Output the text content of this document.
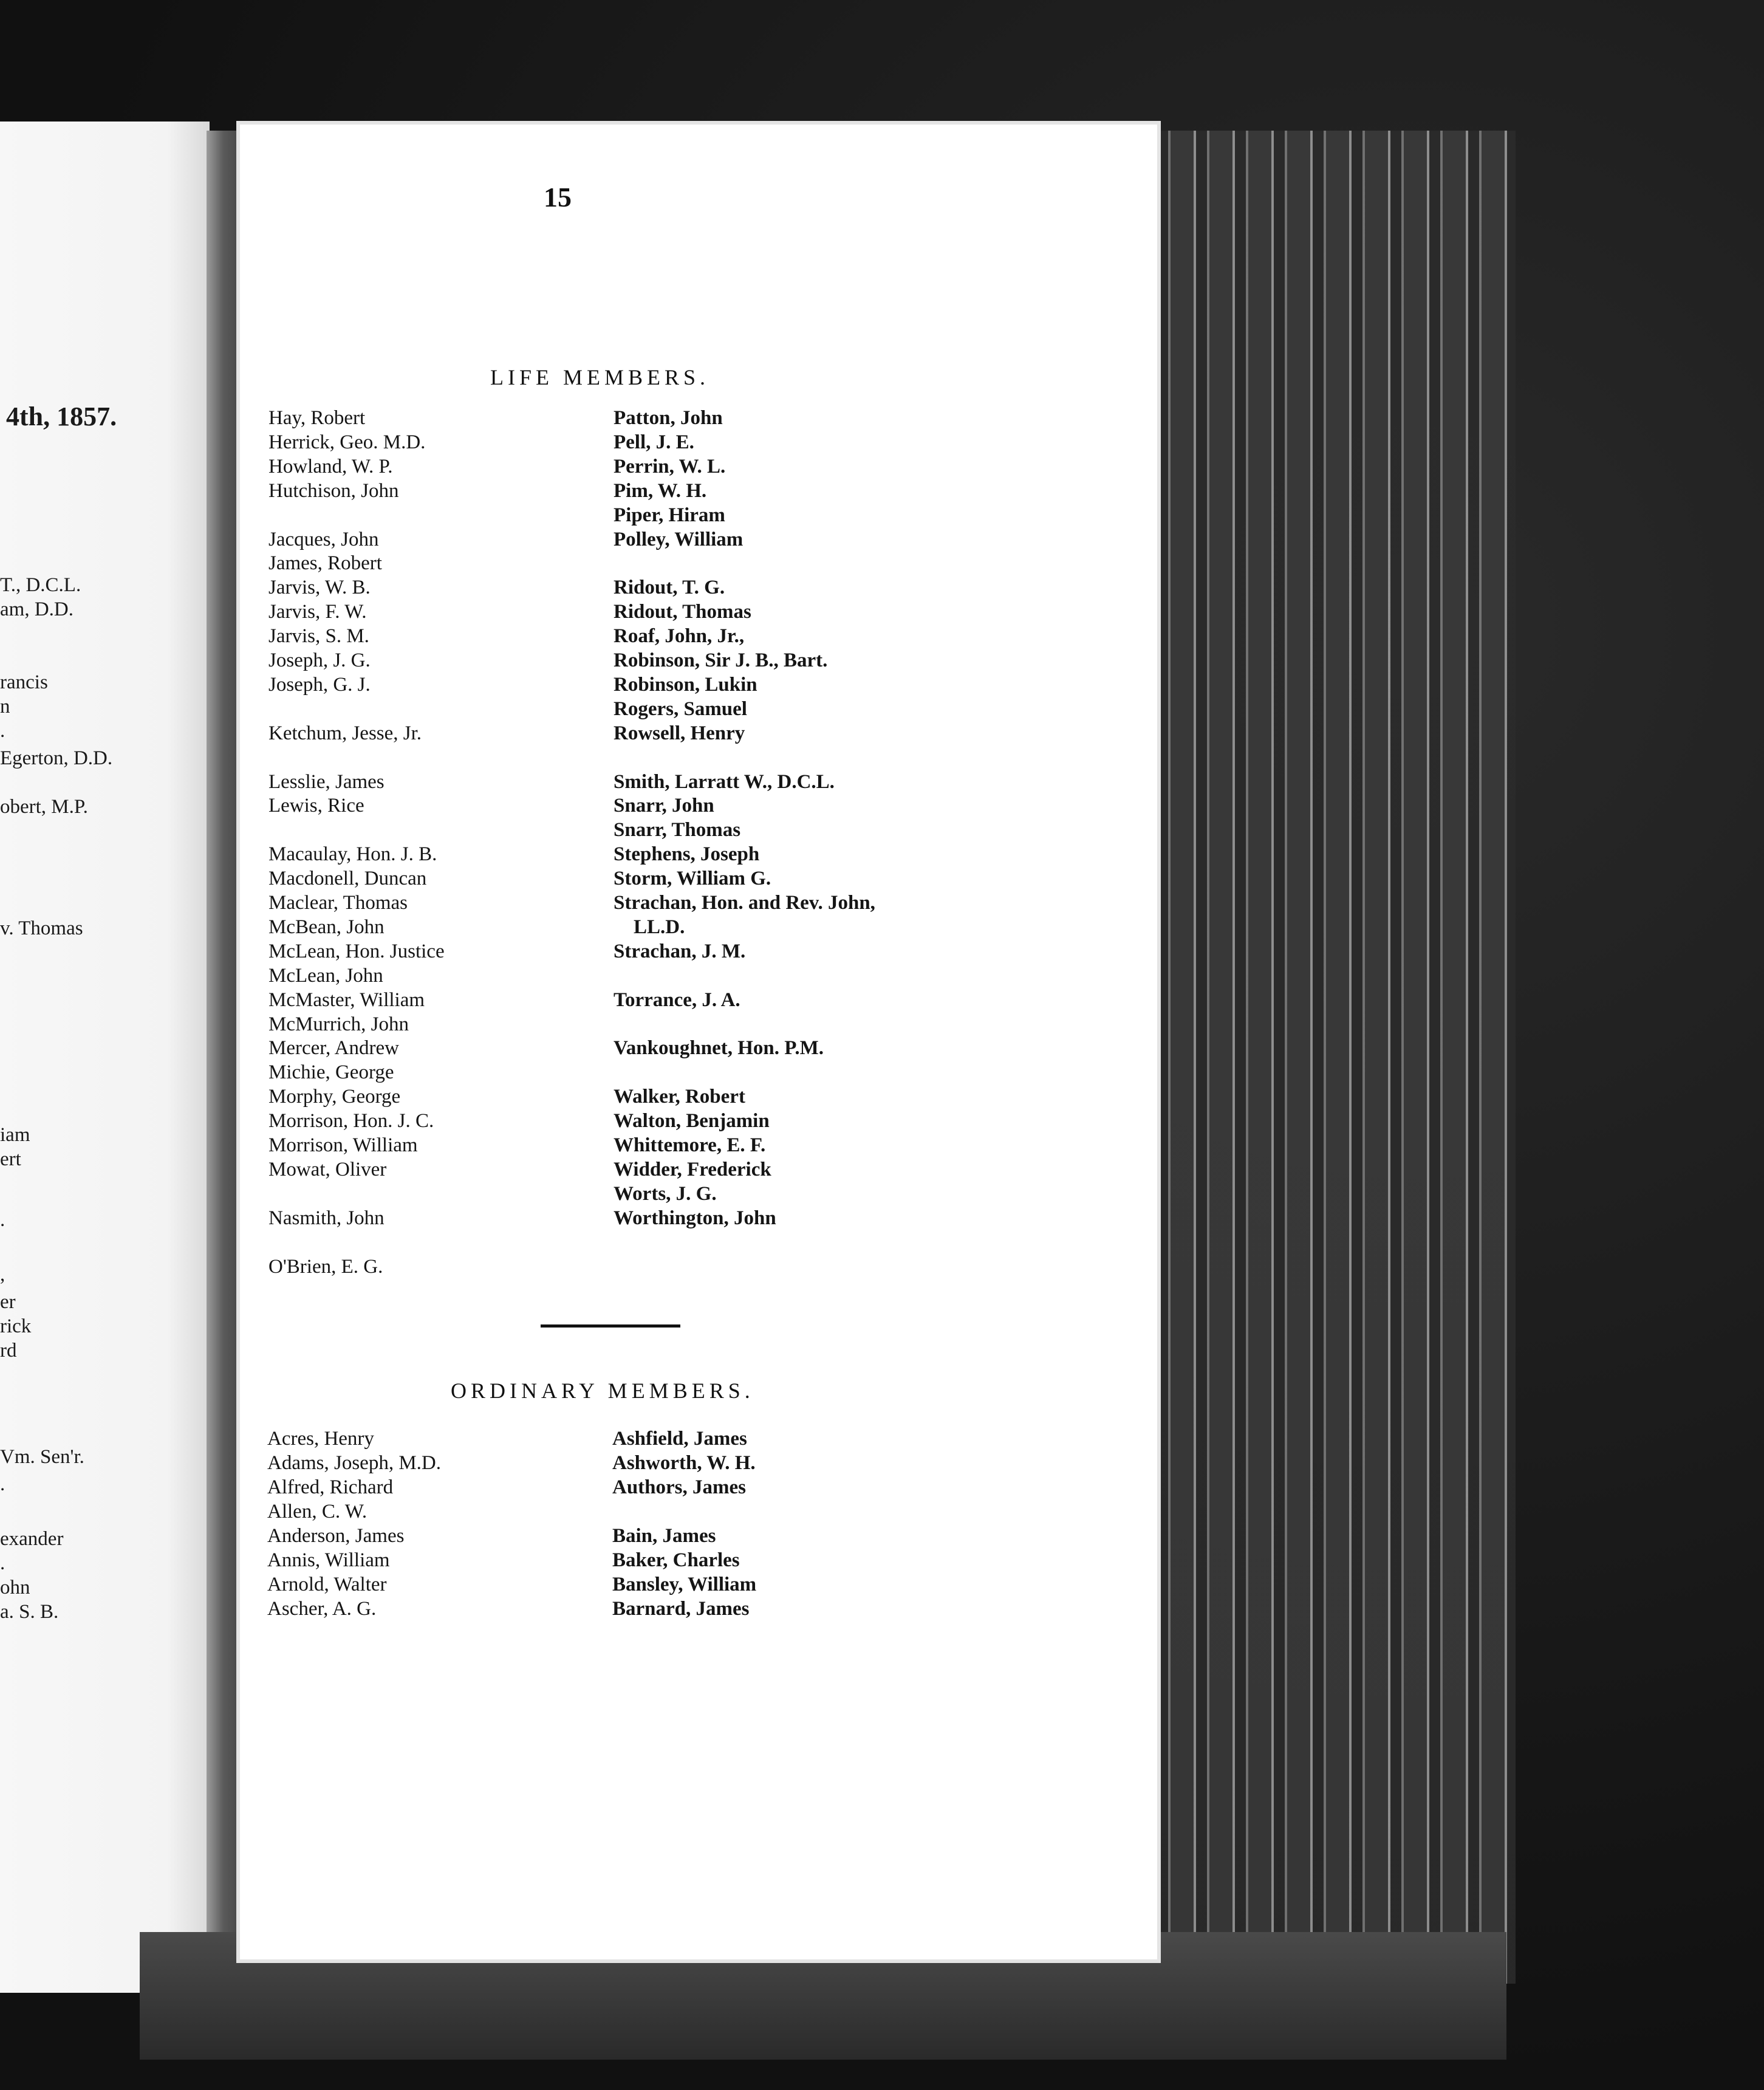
4th, 1857.
T., D.C.L.
am, D.D.
rancis
n
.
Egerton, D.D.
obert, M.P.
v. Thomas
iam
ert
.
,
er
rick
rd
Vm. Sen'r.
.
exander
.
ohn
a. S. B.
15
LIFE MEMBERS.
Hay, Robert
Herrick, Geo. M.D.
Howland, W. P.
Hutchison, John
Jacques, John
James, Robert
Jarvis, W. B.
Jarvis, F. W.
Jarvis, S. M.
Joseph, J. G.
Joseph, G. J.
Ketchum, Jesse, Jr.
Lesslie, James
Lewis, Rice
Macaulay, Hon. J. B.
Macdonell, Duncan
Maclear, Thomas
McBean, John
McLean, Hon. Justice
McLean, John
McMaster, William
McMurrich, John
Mercer, Andrew
Michie, George
Morphy, George
Morrison, Hon. J. C.
Morrison, William
Mowat, Oliver
Nasmith, John
O'Brien, E. G.
Patton, John
Pell, J. E.
Perrin, W. L.
Pim, W. H.
Piper, Hiram
Polley, William
Ridout, T. G.
Ridout, Thomas
Roaf, John, Jr.,
Robinson, Sir J. B., Bart.
Robinson, Lukin
Rogers, Samuel
Rowsell, Henry
Smith, Larratt W., D.C.L.
Snarr, John
Snarr, Thomas
Stephens, Joseph
Storm, William G.
Strachan, Hon. and Rev. John,
LL.D.
Strachan, J. M.
Torrance, J. A.
Vankoughnet, Hon. P.M.
Walker, Robert
Walton, Benjamin
Whittemore, E. F.
Widder, Frederick
Worts, J. G.
Worthington, John
ORDINARY MEMBERS.
Acres, Henry
Adams, Joseph, M.D.
Alfred, Richard
Allen, C. W.
Anderson, James
Annis, William
Arnold, Walter
Ascher, A. G.
Ashfield, James
Ashworth, W. H.
Authors, James
Bain, James
Baker, Charles
Bansley, William
Barnard, James
